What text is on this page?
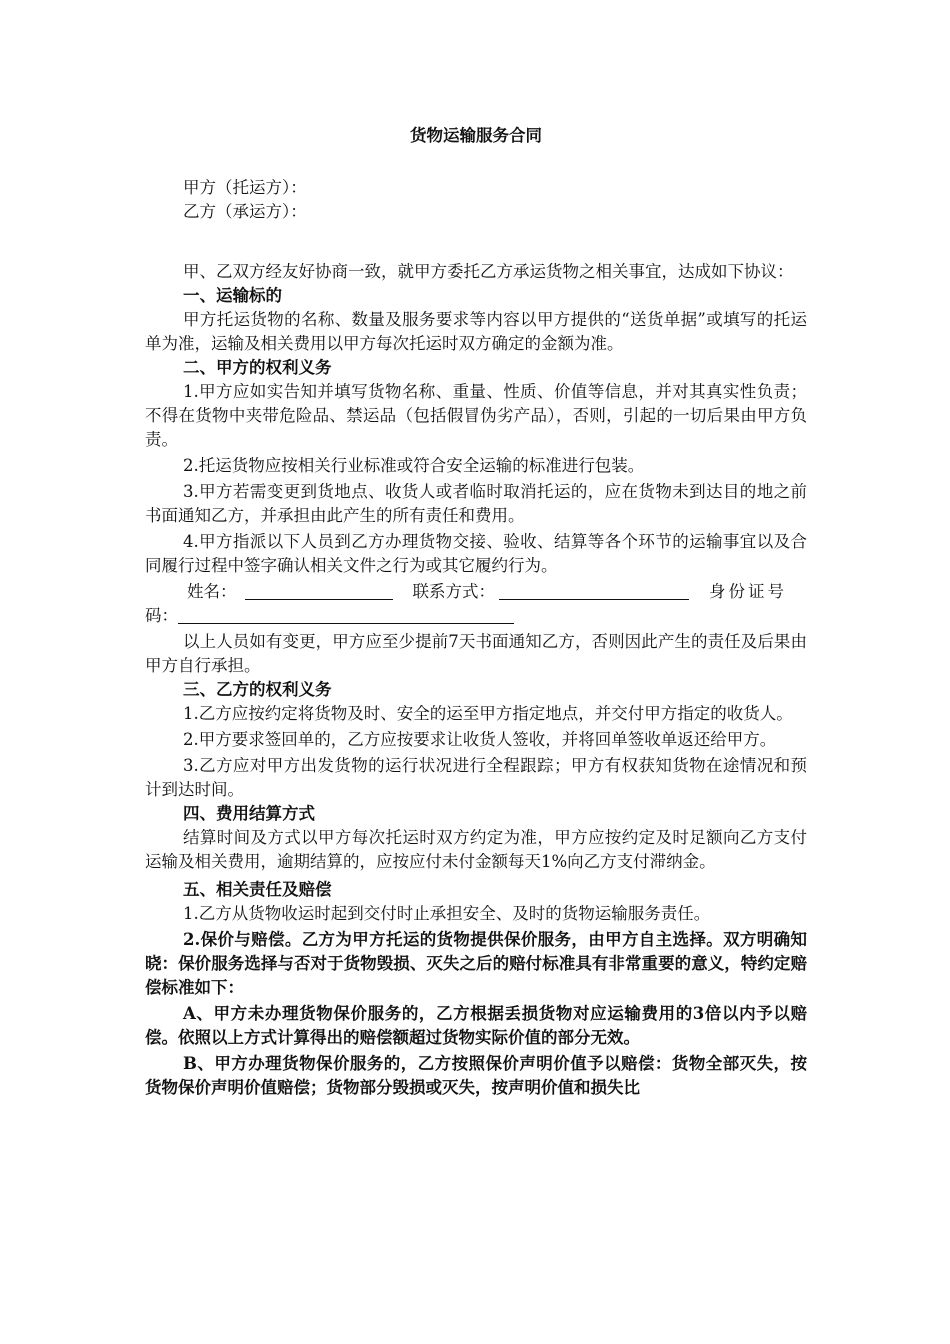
货物运输服务合同
甲方（托运方）：
乙方（承运方）：

甲、乙双方经友好协商一致，就甲方委托乙方承运货物之相关事宜，达成如下协议：

一、运输标的

甲方托运货物的名称、数量及服务要求等内容以甲方提供的“送货单据”或填写的托运单为准，运输及相关费用以甲方每次托运时双方确定的金额为准。

二、甲方的权利义务

1.甲方应如实告知并填写货物名称、重量、性质、价值等信息，并对其真实性负责；不得在货物中夹带危险品、禁运品（包括假冒伪劣产品），否则，引起的一切后果由甲方负责。

2.托运货物应按相关行业标准或符合安全运输的标准进行包装。

3.甲方若需变更到货地点、收货人或者临时取消托运的，应在货物未到达目的地之前书面通知乙方，并承担由此产生的所有责任和费用。

4.甲方指派以下人员到乙方办理货物交接、验收、结算等各个环节的运输事宜以及合同履行过程中签字确认相关文件之行为或其它履约行为。

姓名：	联系方式：	身份证号
码：

以上人员如有变更，甲方应至少提前7天书面通知乙方，否则因此产生的责任及后果由甲方自行承担。

三、乙方的权利义务

1.乙方应按约定将货物及时、安全的运至甲方指定地点，并交付甲方指定的收货人。

2.甲方要求签回单的，乙方应按要求让收货人签收，并将回单签收单返还给甲方。

3.乙方应对甲方出发货物的运行状况进行全程跟踪；甲方有权获知货物在途情况和预计到达时间。

四、费用结算方式

结算时间及方式以甲方每次托运时双方约定为准，甲方应按约定及时足额向乙方支付运输及相关费用，逾期结算的，应按应付未付金额每天1%向乙方支付滞纳金。

五、相关责任及赔偿

1.乙方从货物收运时起到交付时止承担安全、及时的货物运输服务责任。

2.保价与赔偿。乙方为甲方托运的货物提供保价服务，由甲方自主选择。双方明确知晓：保价服务选择与否对于货物毁损、灭失之后的赔付标准具有非常重要的意义，特约定赔偿标准如下：

A、甲方未办理货物保价服务的，乙方根据丢损货物对应运输费用的3倍以内予以赔偿。依照以上方式计算得出的赔偿额超过货物实际价值的部分无效。

B、甲方办理货物保价服务的，乙方按照保价声明价值予以赔偿：货物全部灭失，按货物保价声明价值赔偿；货物部分毁损或灭失，按声明价值和损失比
